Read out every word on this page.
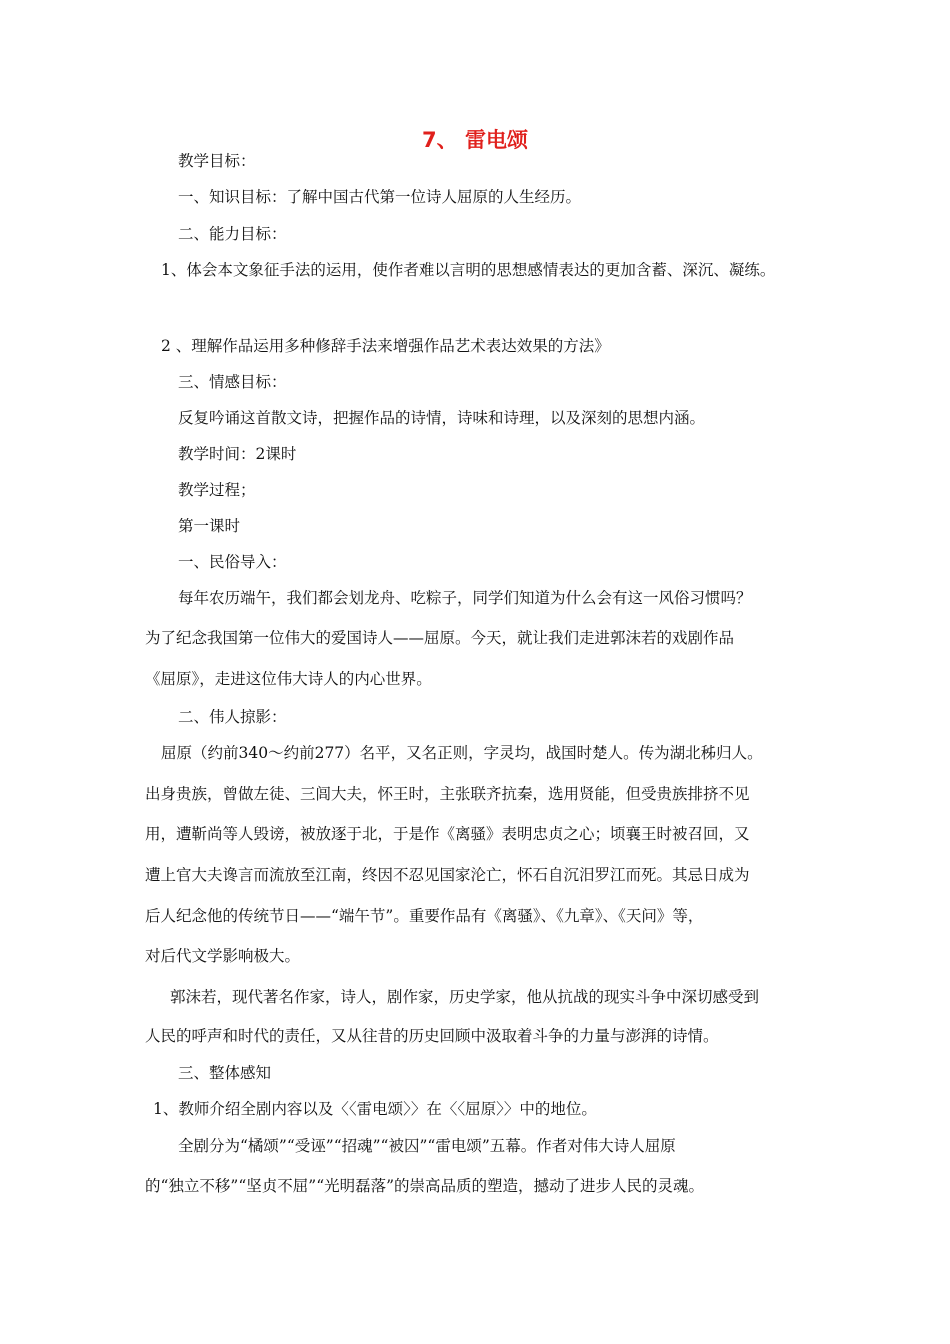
7、 雷电颂
教学目标：
一、知识目标：了解中国古代第一位诗人屈原的人生经历。
二、能力目标：
1、体会本文象征手法的运用，使作者难以言明的思想感情表达的更加含蓄、深沉、凝练。
2 、理解作品运用多种修辞手法来增强作品艺术表达效果的方法》
三、情感目标：
反复吟诵这首散文诗，把握作品的诗情，诗味和诗理，以及深刻的思想内涵。
教学时间：2课时
教学过程；
第一课时
一、民俗导入：
每年农历端午，我们都会划龙舟、吃粽子，同学们知道为什么会有这一风俗习惯吗？
为了纪念我国第一位伟大的爱国诗人——屈原。今天，就让我们走进郭沫若的戏剧作品
《屈原》，走进这位伟大诗人的内心世界。
二、伟人掠影：
屈原（约前340～约前277）名平，又名正则，字灵均，战国时楚人。传为湖北秭归人。
出身贵族，曾做左徒、三闾大夫，怀王时，主张联齐抗秦，选用贤能，但受贵族排挤不见
用，遭靳尚等人毁谤，被放逐于北，于是作《离骚》表明忠贞之心；顷襄王时被召回，又
遭上官大夫谗言而流放至江南，终因不忍见国家沦亡，怀石自沉汨罗江而死。其忌日成为
后人纪念他的传统节日——“端午节”。重要作品有《离骚》、《九章》、《天问》等，
对后代文学影响极大。
郭沫若，现代著名作家，诗人，剧作家，历史学家，他从抗战的现实斗争中深切感受到
人民的呼声和时代的责任，又从往昔的历史回顾中汲取着斗争的力量与澎湃的诗情。
三、整体感知
1、教师介绍全剧内容以及〈〈雷电颂〉〉在〈〈屈原〉〉中的地位。
全剧分为“橘颂”“受诬”“招魂”“被囚”“雷电颂”五幕。作者对伟大诗人屈原
的“独立不移”“坚贞不屈”“光明磊落”的崇高品质的塑造，撼动了进步人民的灵魂。
